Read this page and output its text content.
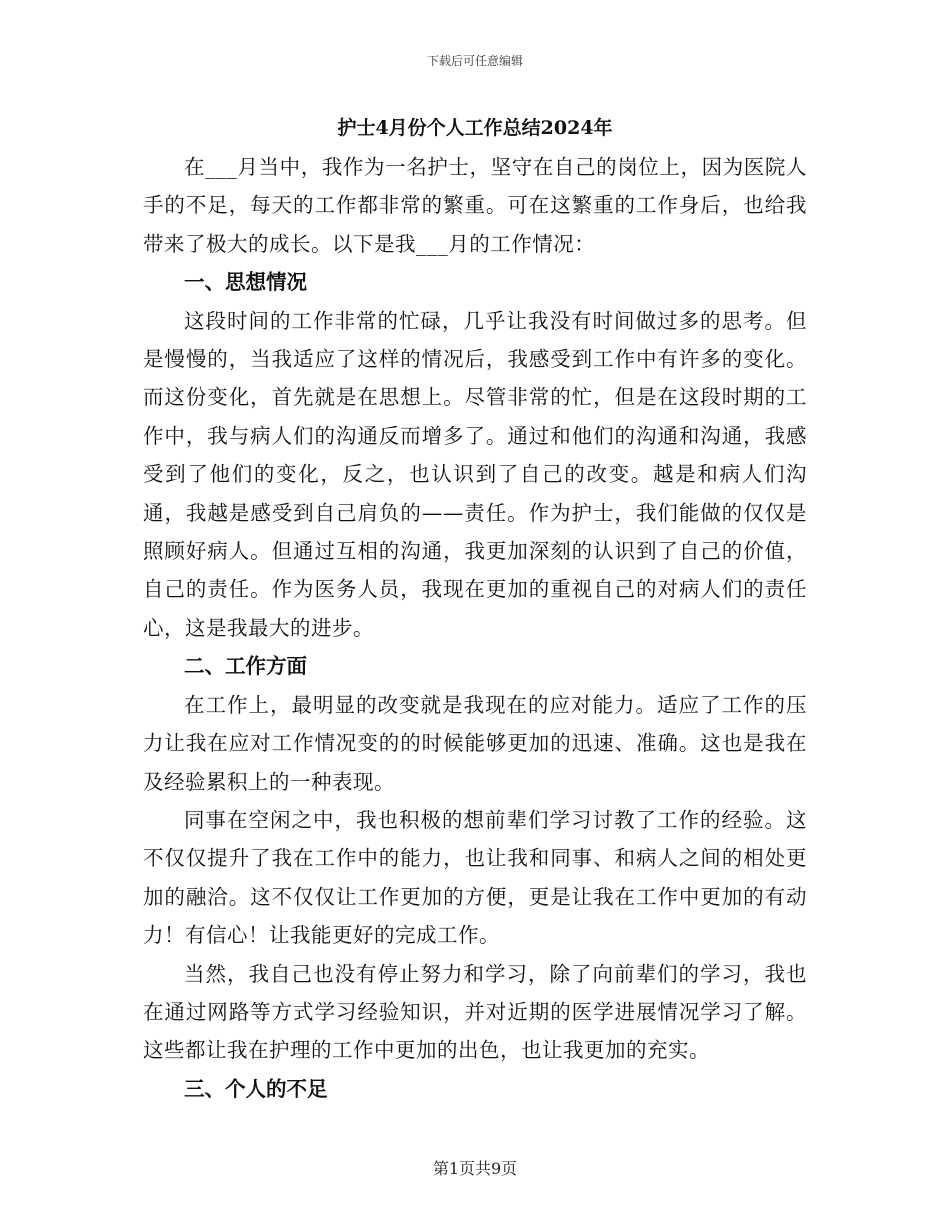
下载后可任意编辑
护士4月份个人工作总结2024年

在___月当中，我作为一名护士，坚守在自己的岗位上，因为医院人手的不足，每天的工作都非常的繁重。可在这繁重的工作身后，也给我带来了极大的成长。以下是我___月的工作情况：

一、思想情况

这段时间的工作非常的忙碌，几乎让我没有时间做过多的思考。但是慢慢的，当我适应了这样的情况后，我感受到工作中有许多的变化。而这份变化，首先就是在思想上。尽管非常的忙，但是在这段时期的工作中，我与病人们的沟通反而增多了。通过和他们的沟通和沟通，我感受到了他们的变化，反之，也认识到了自己的改变。越是和病人们沟通，我越是感受到自己肩负的——责任。作为护士，我们能做的仅仅是照顾好病人。但通过互相的沟通，我更加深刻的认识到了自己的价值，自己的责任。作为医务人员，我现在更加的重视自己的对病人们的责任心，这是我最大的进步。

二、工作方面

在工作上，最明显的改变就是我现在的应对能力。适应了工作的压力让我在应对工作情况变的的时候能够更加的迅速、准确。这也是我在及经验累积上的一种表现。

同事在空闲之中，我也积极的想前辈们学习讨教了工作的经验。这不仅仅提升了我在工作中的能力，也让我和同事、和病人之间的相处更加的融洽。这不仅仅让工作更加的方便，更是让我在工作中更加的有动力！有信心！让我能更好的完成工作。

当然，我自己也没有停止努力和学习，除了向前辈们的学习，我也在通过网路等方式学习经验知识，并对近期的医学进展情况学习了解。这些都让我在护理的工作中更加的出色，也让我更加的充实。

三、个人的不足

第1页共9页
